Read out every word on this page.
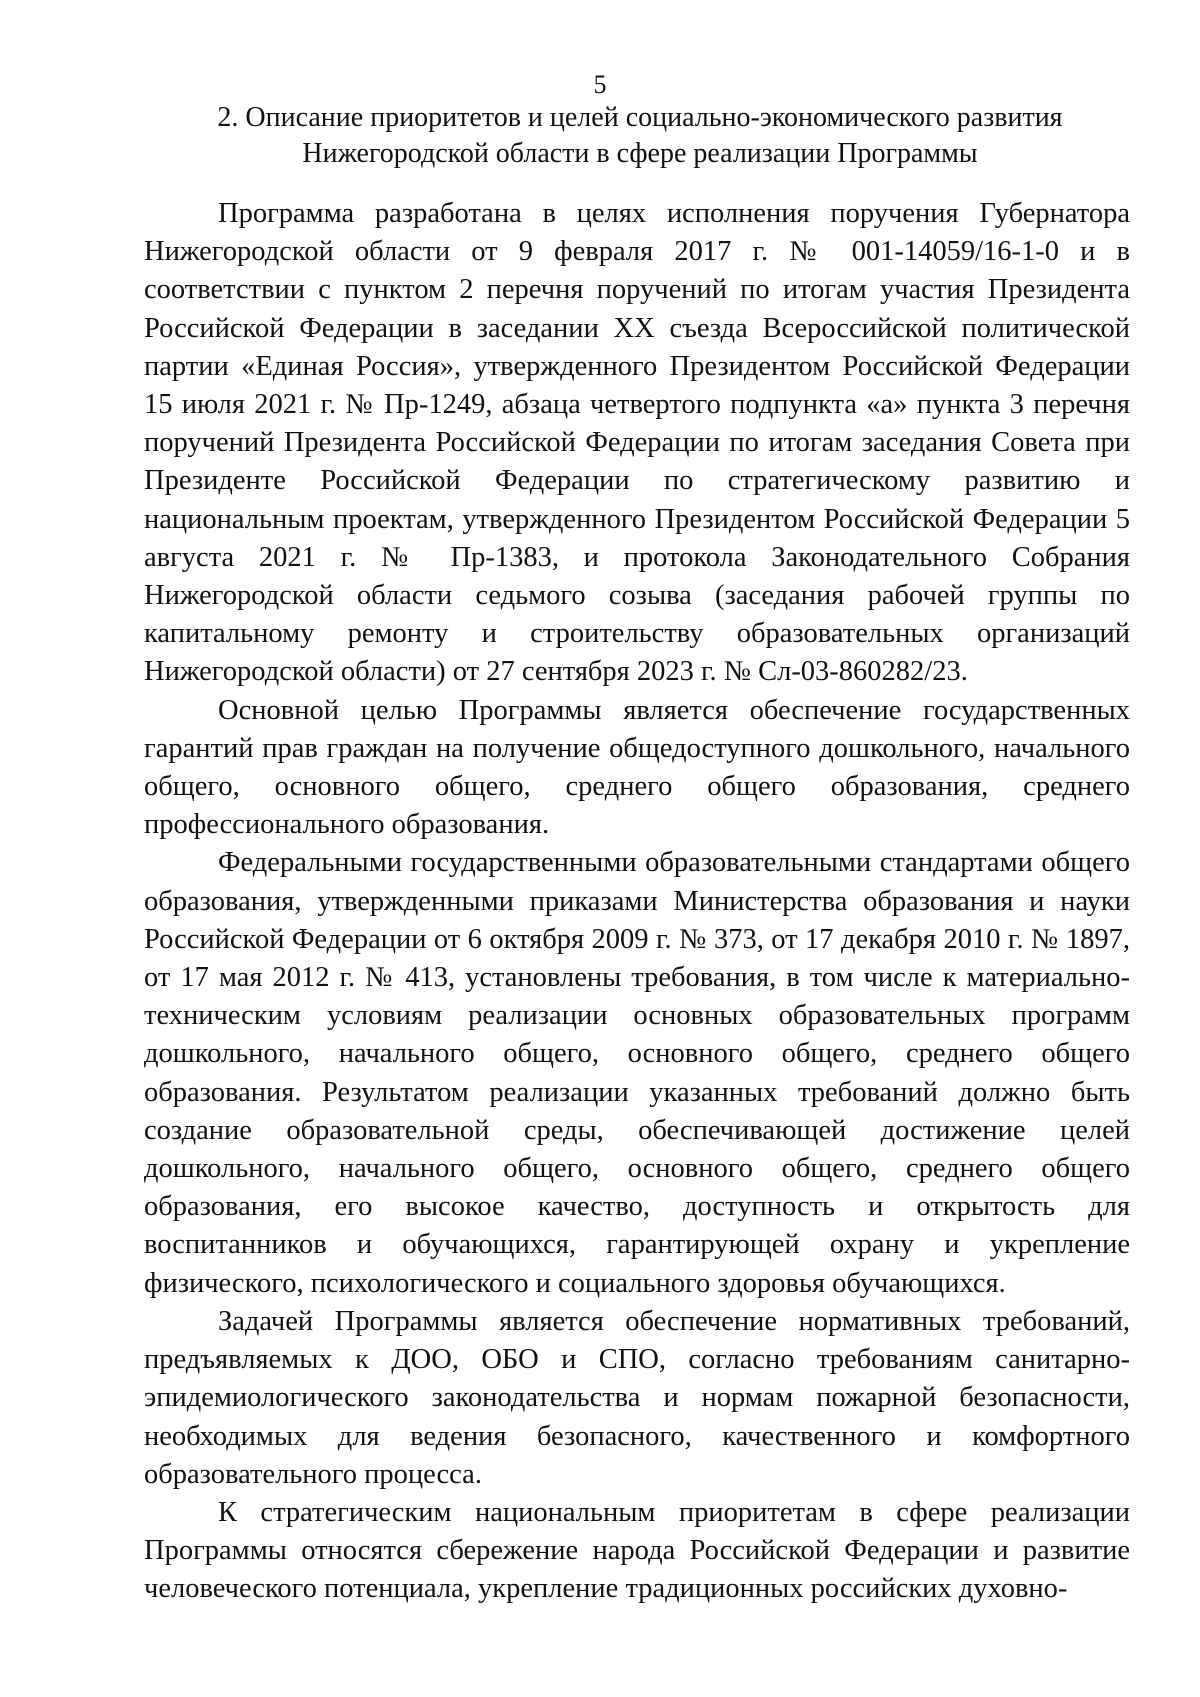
5
2. Описание приоритетов и целей социально-экономического развития
Нижегородской области в сфере реализации Программы

Программа разработана в целях исполнения поручения Губернатора Нижегородской области от 9 февраля 2017 г. № 001-14059/16-1-0 и в соответствии с пунктом 2 перечня поручений по итогам участия Президента Российской Федерации в заседании XX съезда Всероссийской политической партии «Единая Россия», утвержденного Президентом Российской Федерации 15 июля 2021 г. № Пр-1249, абзаца четвертого подпункта «а» пункта 3 перечня поручений Президента Российской Федерации по итогам заседания Совета при Президенте Российской Федерации по стратегическому развитию и национальным проектам, утвержденного Президентом Российской Федерации 5 августа 2021 г. № Пр-1383, и протокола Законодательного Собрания Нижегородской области седьмого созыва (заседания рабочей группы по капитальному ремонту и строительству образовательных организаций Нижегородской области) от 27 сентября 2023 г. № Сл-03-860282/23.

Основной целью Программы является обеспечение государственных гарантий прав граждан на получение общедоступного дошкольного, начального общего, основного общего, среднего общего образования, среднего профессионального образования.

Федеральными государственными образовательными стандартами общего образования, утвержденными приказами Министерства образования и науки Российской Федерации от 6 октября 2009 г. № 373, от 17 декабря 2010 г. № 1897, от 17 мая 2012 г. № 413, установлены требования, в том числе к материально-техническим условиям реализации основных образовательных программ дошкольного, начального общего, основного общего, среднего общего образования. Результатом реализации указанных требований должно быть создание образовательной среды, обеспечивающей достижение целей дошкольного, начального общего, основного общего, среднего общего образования, его высокое качество, доступность и открытость для воспитанников и обучающихся, гарантирующей охрану и укрепление физического, психологического и социального здоровья обучающихся.

Задачей Программы является обеспечение нормативных требований, предъявляемых к ДОО, ОБО и СПО, согласно требованиям санитарно-эпидемиологического законодательства и нормам пожарной безопасности, необходимых для ведения безопасного, качественного и комфортного образовательного процесса.

К стратегическим национальным приоритетам в сфере реализации Программы относятся сбережение народа Российской Федерации и развитие человеческого потенциала, укрепление традиционных российских духовно-
